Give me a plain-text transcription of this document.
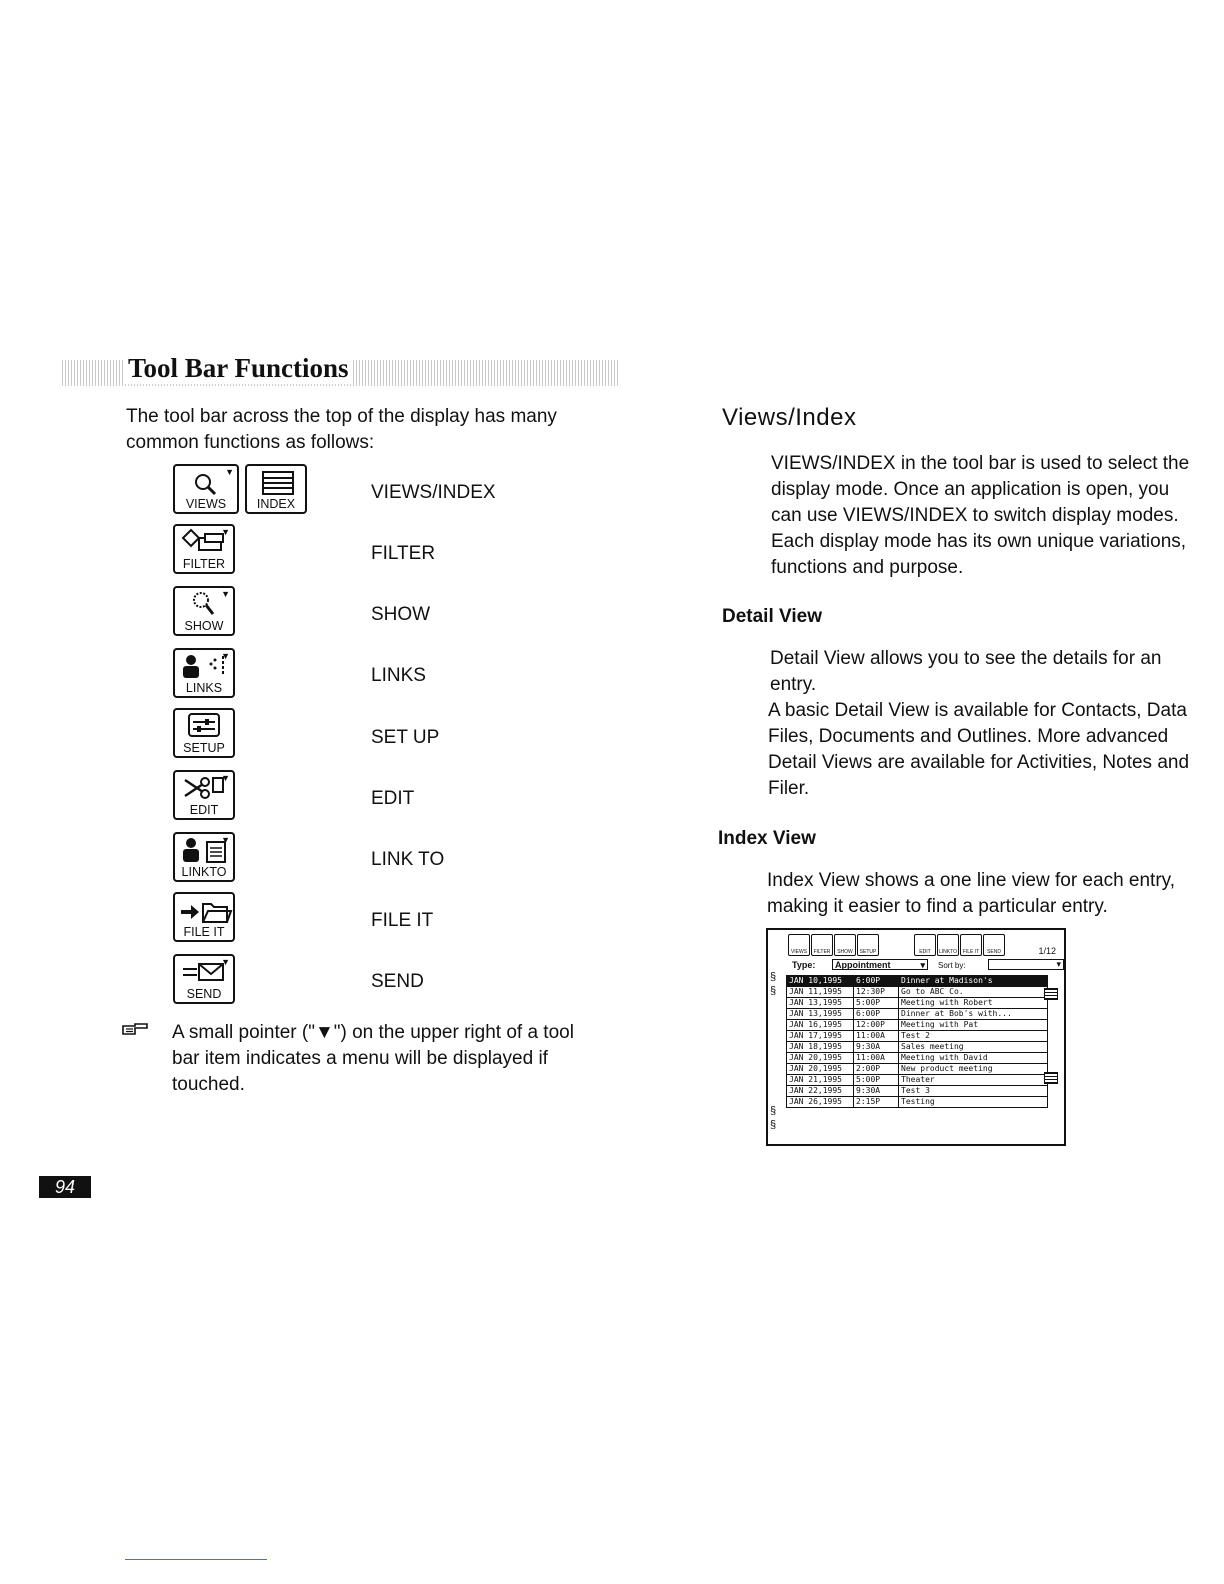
Tool Bar Functions
The tool bar across the top of the display has many common functions as follows:
▼
VIEWS	INDEX
VIEWS/INDEX
▼
FILTER	FILTER
▼
SHOW
SHOW
▼
LINKS
LINKS
SETUP	SET UP
▼
EDIT
EDIT
▼
LINKTO
LINK TO
FILE IT
FILE IT
▼
SEND
SEND
A small pointer ("▼") on the upper right of a tool bar item indicates a menu will be displayed if touched.
94
Views/Index
VIEWS/INDEX in the tool bar is used to select the display mode. Once an application is open, you can use VIEWS/INDEX to switch display modes. Each display mode has its own unique variations, functions and purpose.
Detail View
Detail View allows you to see the details for an entry.
A basic Detail View is available for Contacts, Data Files, Documents and Outlines. More advanced Detail Views are available for Activities, Notes and Filer.
Index View
Index View shows a one line view for each entry, making it easier to find a particular entry.
VIEWS	FILTER	SHOW	SETUP	EDIT	LINKTO	FILE IT	SEND	1/12
Type:	Appointment	▾ Sort by:	▾
§
§
§
§
JAN 10,1995	6:00P	Dinner at Madison's
JAN 11,1995	12:30P	Go to ABC Co.
JAN 13,1995	5:00P	Meeting with Robert
JAN 13,1995	6:00P	Dinner at Bob's with...
JAN 16,1995	12:00P	Meeting with Pat
JAN 17,1995	11:00A	Test 2
JAN 18,1995	9:30A	Sales meeting
JAN 20,1995	11:00A	Meeting with David
JAN 20,1995	2:00P	New product meeting
JAN 21,1995	5:00P	Theater
JAN 22,1995	9:30A	Test 3
JAN 26,1995	2:15P	Testing
